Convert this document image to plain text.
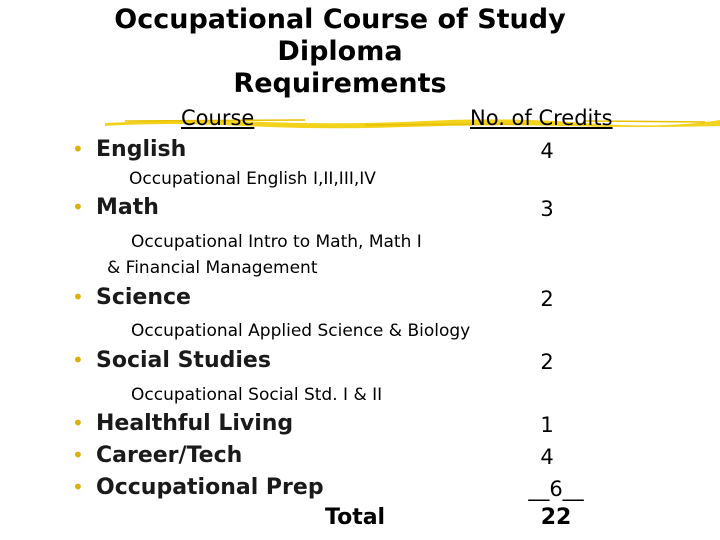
Occupational Course of Study
Diploma
Requirements
Course	No. of Credits
• English	4
Occupational English I,II,III,IV
• Math	3
Occupational Intro to Math, Math I
& Financial Management
• Science	2
Occupational Applied Science & Biology
• Social Studies	2
Occupational Social Std. I & II
• Healthful Living	1
• Career/Tech	4
• Occupational Prep	__6__
Total	22
